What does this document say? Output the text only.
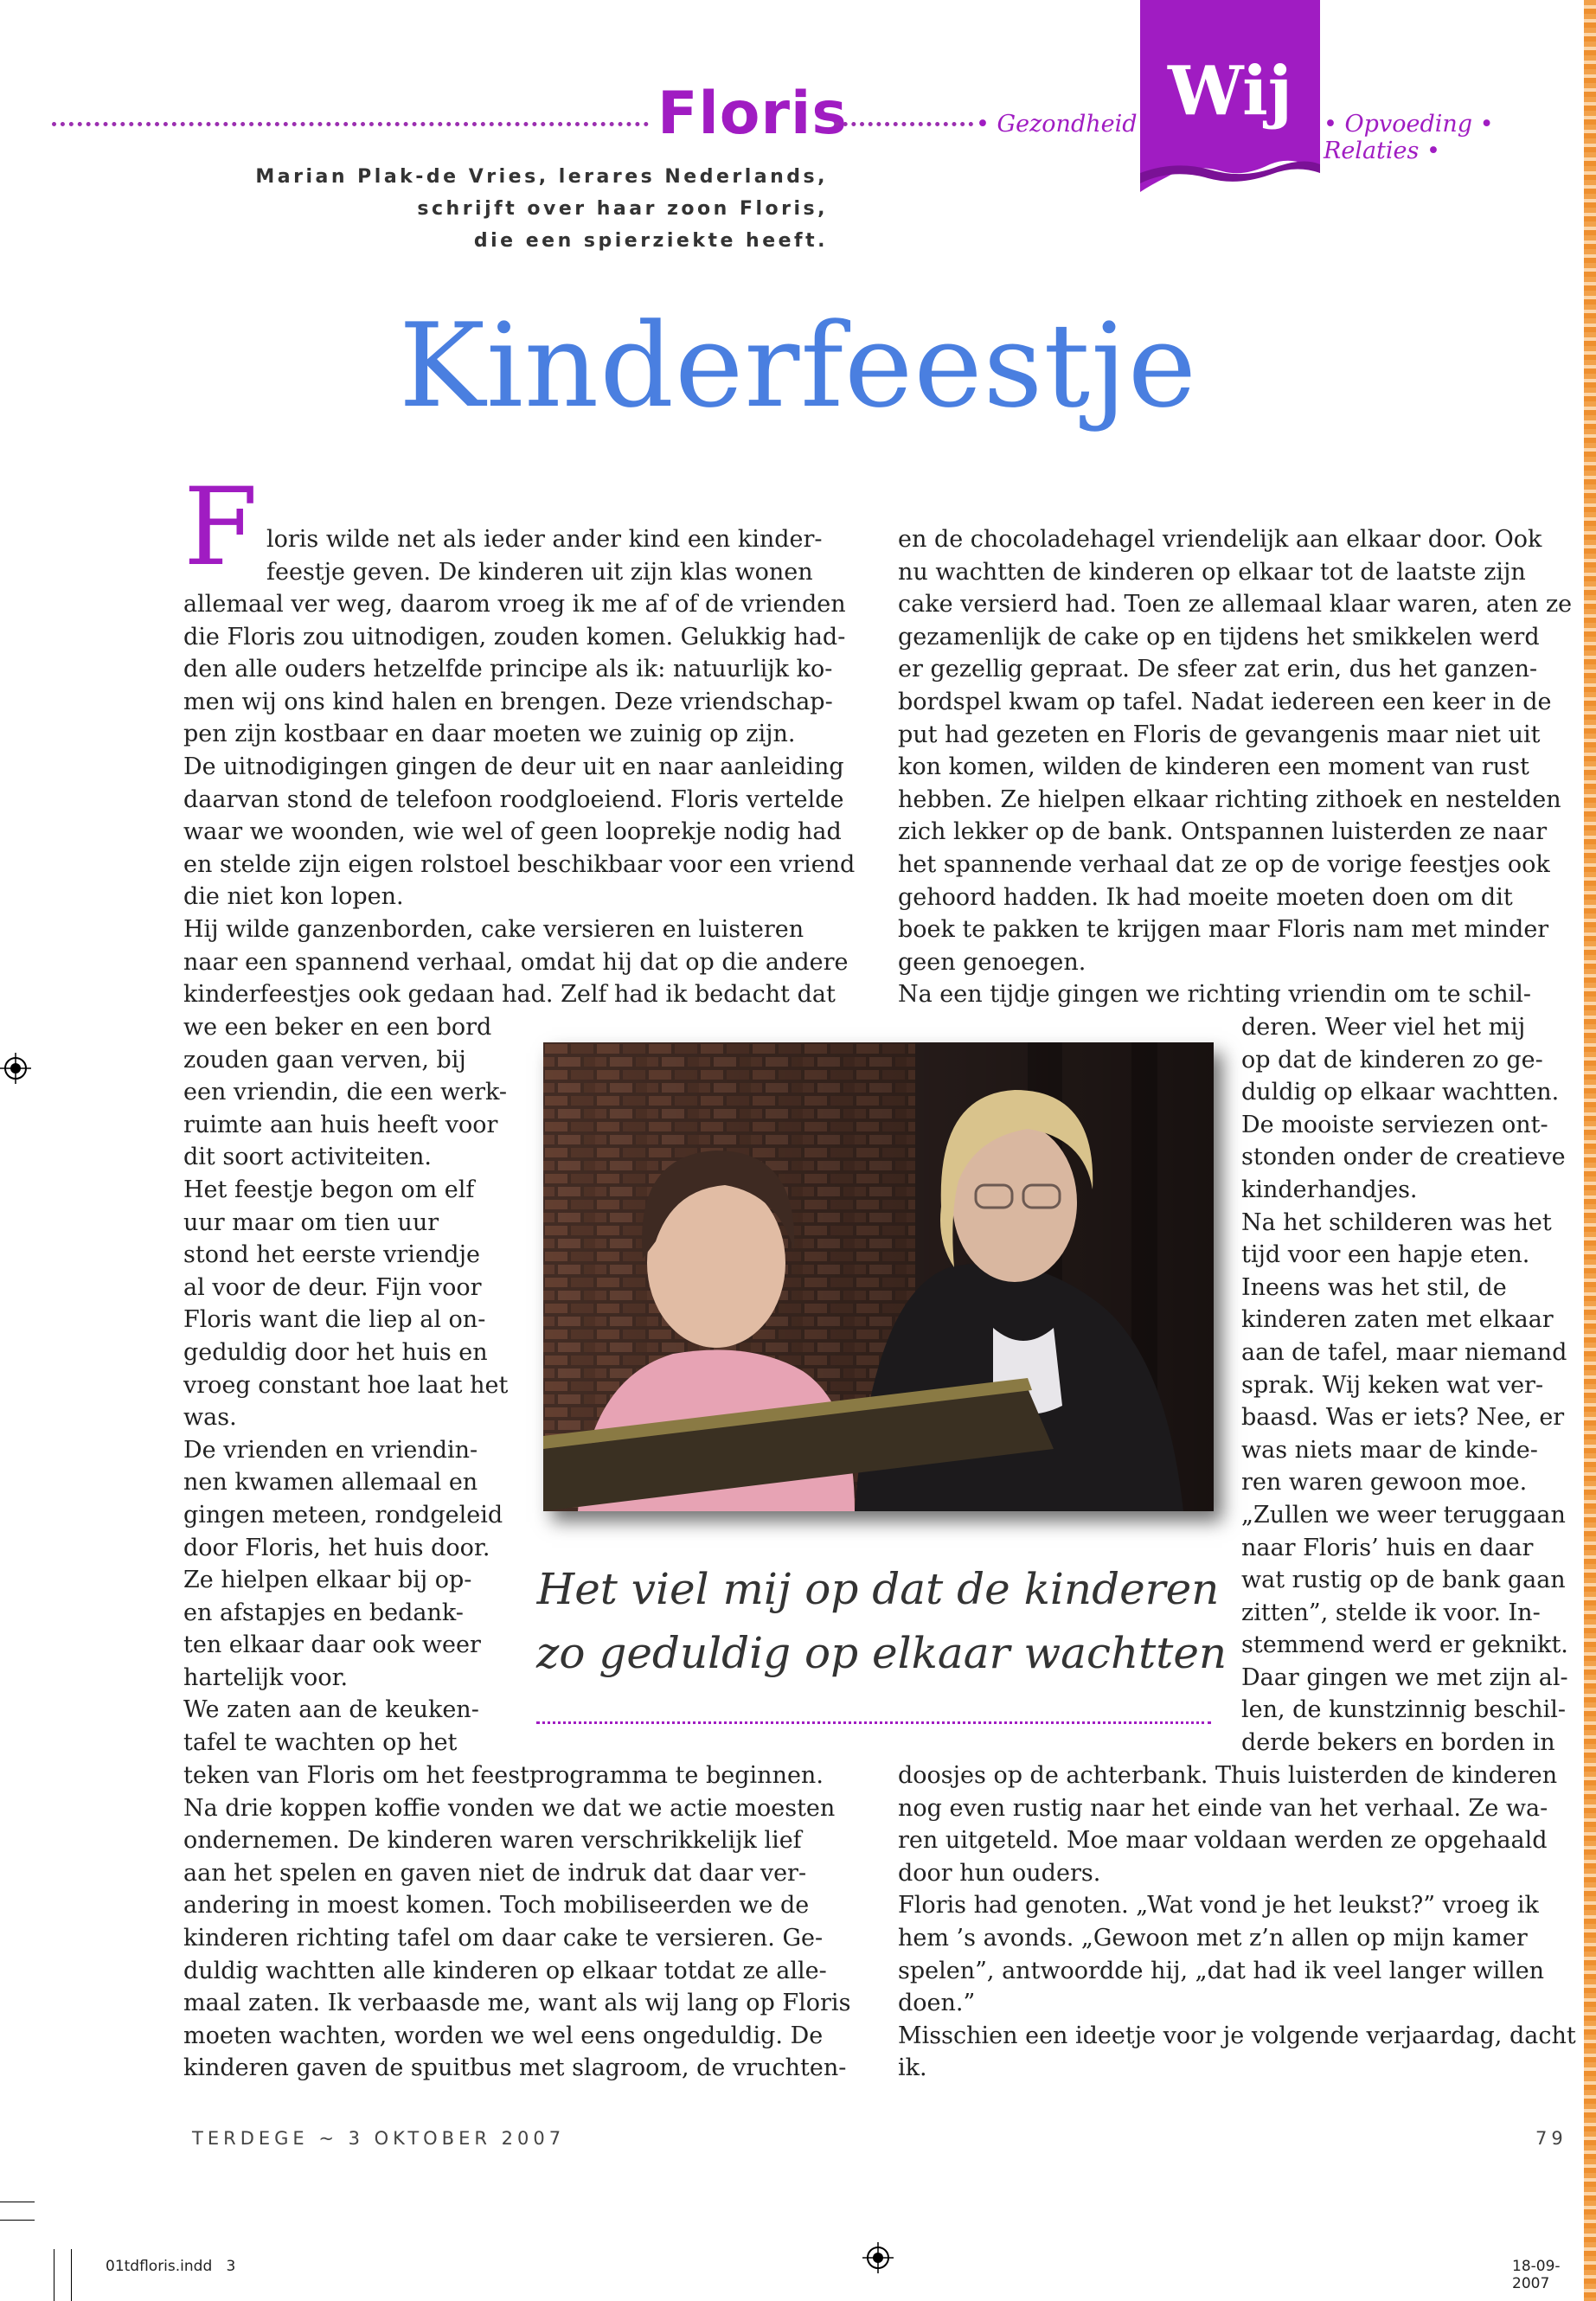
Floris	• Gezondheid Wij	• Opvoeding • Relaties •
Marian Plak-de Vries, lerares Nederlands,
schrijft over haar zoon Floris,
die een spierziekte heeft.
Kinderfeestje
F loris wilde net als ieder ander kind een kinder-
feestje geven. De kinderen uit zijn klas wonen
allemaal ver weg, daarom vroeg ik me af of de vrienden
die Floris zou uitnodigen, zouden komen. Gelukkig had-
den alle ouders hetzelfde principe als ik: natuurlijk ko-
men wij ons kind halen en brengen. Deze vriendschap-
pen zijn kostbaar en daar moeten we zuinig op zijn.
De uitnodigingen gingen de deur uit en naar aanleiding
daarvan stond de telefoon roodgloeiend. Floris vertelde
waar we woonden, wie wel of geen looprekje nodig had
en stelde zijn eigen rolstoel beschikbaar voor een vriend
die niet kon lopen.
Hij wilde ganzenborden, cake versieren en luisteren
naar een spannend verhaal, omdat hij dat op die andere
kinderfeestjes ook gedaan had. Zelf had ik bedacht dat
we een beker en een bord
zouden gaan verven, bij
een vriendin, die een werk-
ruimte aan huis heeft voor
dit soort activiteiten.
Het feestje begon om elf
uur maar om tien uur
stond het eerste vriendje
al voor de deur. Fijn voor
Floris want die liep al on-
geduldig door het huis en
vroeg constant hoe laat het
was.
De vrienden en vriendin-
nen kwamen allemaal en
gingen meteen, rondgeleid
door Floris, het huis door.
Ze hielpen elkaar bij op-
en afstapjes en bedank-
ten elkaar daar ook weer
hartelijk voor.
We zaten aan de keuken-
tafel te wachten op het
teken van Floris om het feestprogramma te beginnen.
Na drie koppen koffie vonden we dat we actie moesten
ondernemen. De kinderen waren verschrikkelijk lief
aan het spelen en gaven niet de indruk dat daar ver-
andering in moest komen. Toch mobiliseerden we de
kinderen richting tafel om daar cake te versieren. Ge-
duldig wachtten alle kinderen op elkaar totdat ze alle-
maal zaten. Ik verbaasde me, want als wij lang op Floris
moeten wachten, worden we wel eens ongeduldig. De
kinderen gaven de spuitbus met slagroom, de vruchten-
en de chocoladehagel vriendelijk aan elkaar door. Ook
nu wachtten de kinderen op elkaar tot de laatste zijn
cake versierd had. Toen ze allemaal klaar waren, aten ze
gezamenlijk de cake op en tijdens het smikkelen werd
er gezellig gepraat. De sfeer zat erin, dus het ganzen-
bordspel kwam op tafel. Nadat iedereen een keer in de
put had gezeten en Floris de gevangenis maar niet uit
kon komen, wilden de kinderen een moment van rust
hebben. Ze hielpen elkaar richting zithoek en nestelden
zich lekker op de bank. Ontspannen luisterden ze naar
het spannende verhaal dat ze op de vorige feestjes ook
gehoord hadden. Ik had moeite moeten doen om dit
boek te pakken te krijgen maar Floris nam met minder
geen genoegen.
Na een tijdje gingen we richting vriendin om te schil-
deren. Weer viel het mij
op dat de kinderen zo ge-
duldig op elkaar wachtten.
De mooiste serviezen ont-
stonden onder de creatieve
kinderhandjes.
Na het schilderen was het
tijd voor een hapje eten.
Ineens was het stil, de
kinderen zaten met elkaar
aan de tafel, maar niemand
sprak. Wij keken wat ver-
baasd. Was er iets? Nee, er
was niets maar de kinde-
ren waren gewoon moe.
„Zullen we weer teruggaan
naar Floris’ huis en daar
wat rustig op de bank gaan
zitten”, stelde ik voor. In-
stemmend werd er geknikt.
Daar gingen we met zijn al-
len, de kunstzinnig beschil-
derde bekers en borden in
doosjes op de achterbank. Thuis luisterden de kinderen
nog even rustig naar het einde van het verhaal. Ze wa-
ren uitgeteld. Moe maar voldaan werden ze opgehaald
door hun ouders.
Floris had genoten. „Wat vond je het leukst?” vroeg ik
hem ’s avonds. „Gewoon met z’n allen op mijn kamer
spelen”, antwoordde hij, „dat had ik veel langer willen
doen.”
Misschien een ideetje voor je volgende verjaardag, dacht
ik.
Het viel mij op dat de kinderen
zo geduldig op elkaar wachtten
TERDEGE ~ 3 OKTOBER 2007	79
01tdfloris.indd   3	18-09-2007
